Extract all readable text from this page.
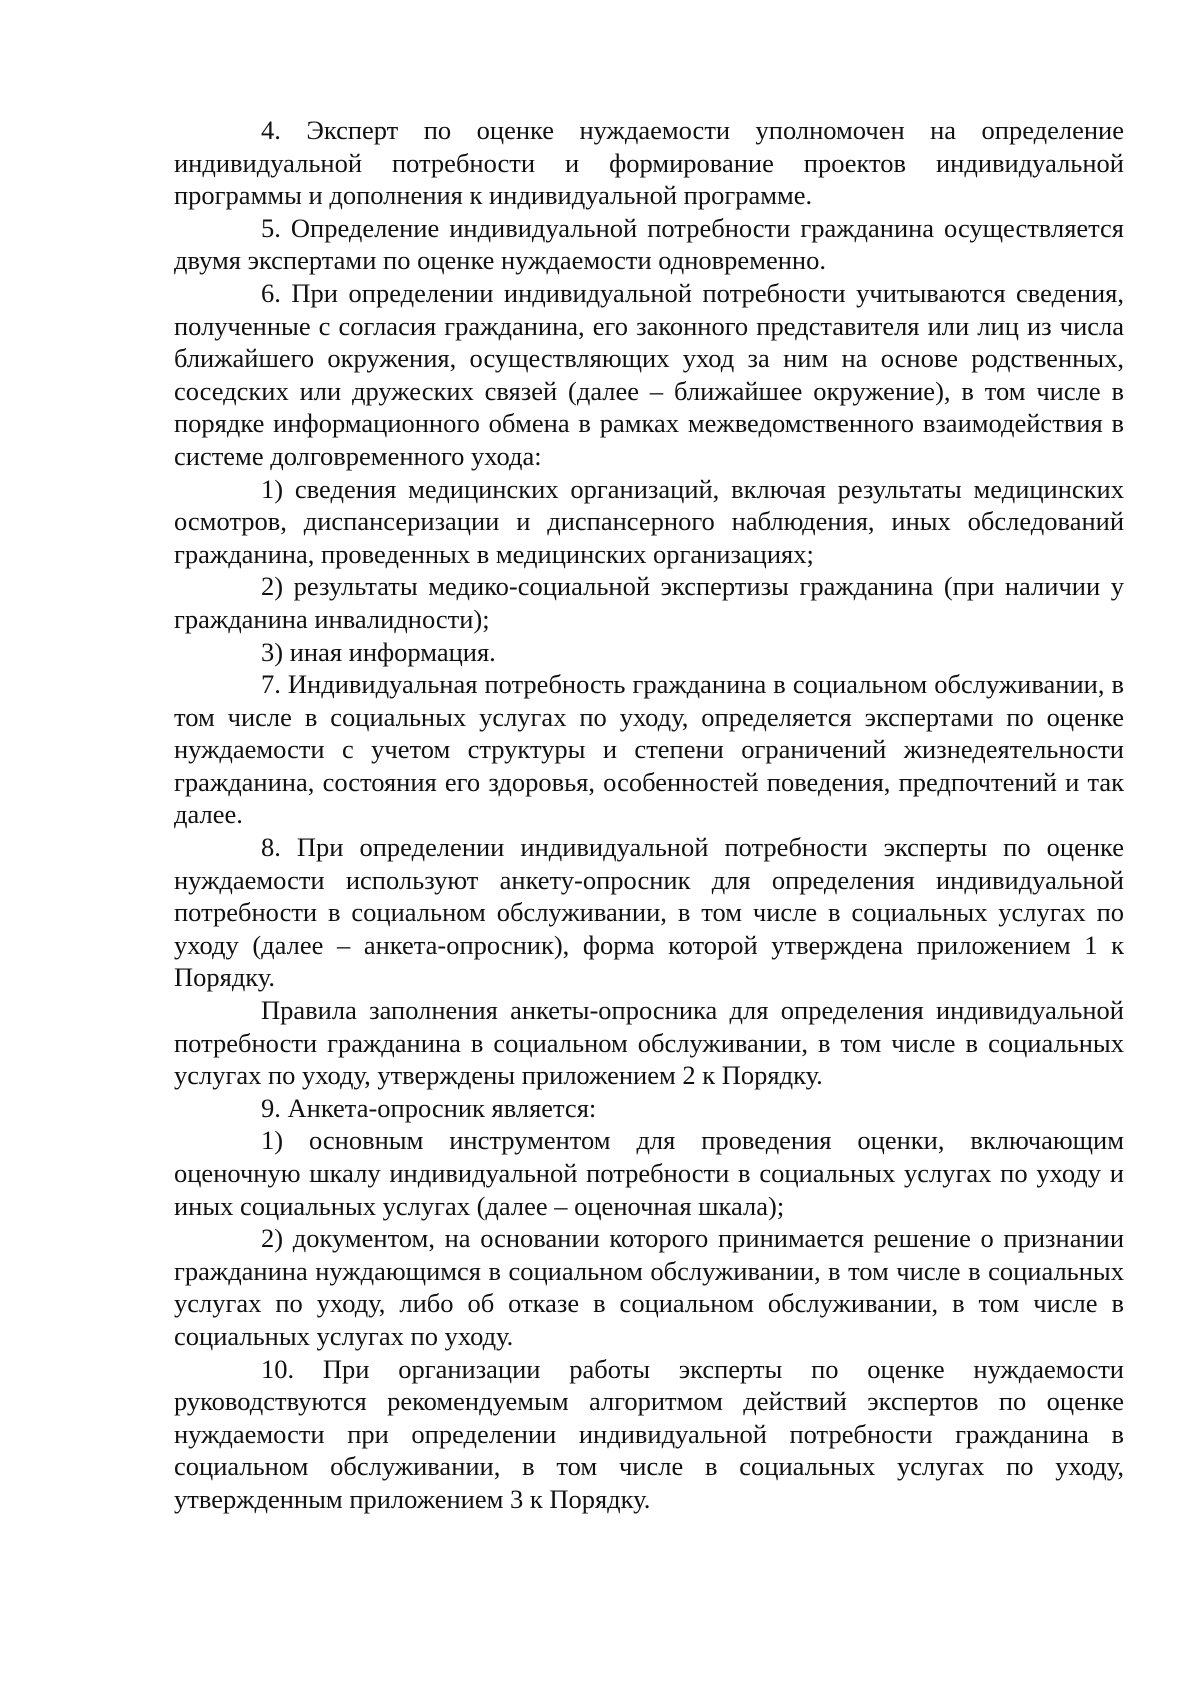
4. Эксперт по оценке нуждаемости уполномочен на определение индивидуальной потребности и формирование проектов индивидуальной программы и дополнения к индивидуальной программе.

5. Определение индивидуальной потребности гражданина осуществляется двумя экспертами по оценке нуждаемости одновременно.

6. При определении индивидуальной потребности учитываются сведения, полученные с согласия гражданина, его законного представителя или лиц из числа ближайшего окружения, осуществляющих уход за ним на основе родственных, соседских или дружеских связей (далее – ближайшее окружение), в том числе в порядке информационного обмена в рамках межведомственного взаимодействия в системе долговременного ухода:

1) сведения медицинских организаций, включая результаты медицинских осмотров, диспансеризации и диспансерного наблюдения, иных обследований гражданина, проведенных в медицинских организациях;

2) результаты медико-социальной экспертизы гражданина (при наличии у гражданина инвалидности);

3) иная информация.

7. Индивидуальная потребность гражданина в социальном обслуживании, в том числе в социальных услугах по уходу, определяется экспертами по оценке нуждаемости с учетом структуры и степени ограничений жизнедеятельности гражданина, состояния его здоровья, особенностей поведения, предпочтений и так далее.

8. При определении индивидуальной потребности эксперты по оценке нуждаемости используют анкету-опросник для определения индивидуальной потребности в социальном обслуживании, в том числе в социальных услугах по уходу (далее – анкета-опросник), форма которой утверждена приложением 1 к Порядку.

Правила заполнения анкеты-опросника для определения индивидуальной потребности гражданина в социальном обслуживании, в том числе в социальных услугах по уходу, утверждены приложением 2 к Порядку.

9. Анкета-опросник является:

1) основным инструментом для проведения оценки, включающим оценочную шкалу индивидуальной потребности в социальных услугах по уходу и иных социальных услугах (далее – оценочная шкала);

2) документом, на основании которого принимается решение о признании гражданина нуждающимся в социальном обслуживании, в том числе в социальных услугах по уходу, либо об отказе в социальном обслуживании, в том числе в социальных услугах по уходу.

10. При организации работы эксперты по оценке нуждаемости руководствуются рекомендуемым алгоритмом действий экспертов по оценке нуждаемости при определении индивидуальной потребности гражданина в социальном обслуживании, в том числе в социальных услугах по уходу, утвержденным приложением 3 к Порядку.
